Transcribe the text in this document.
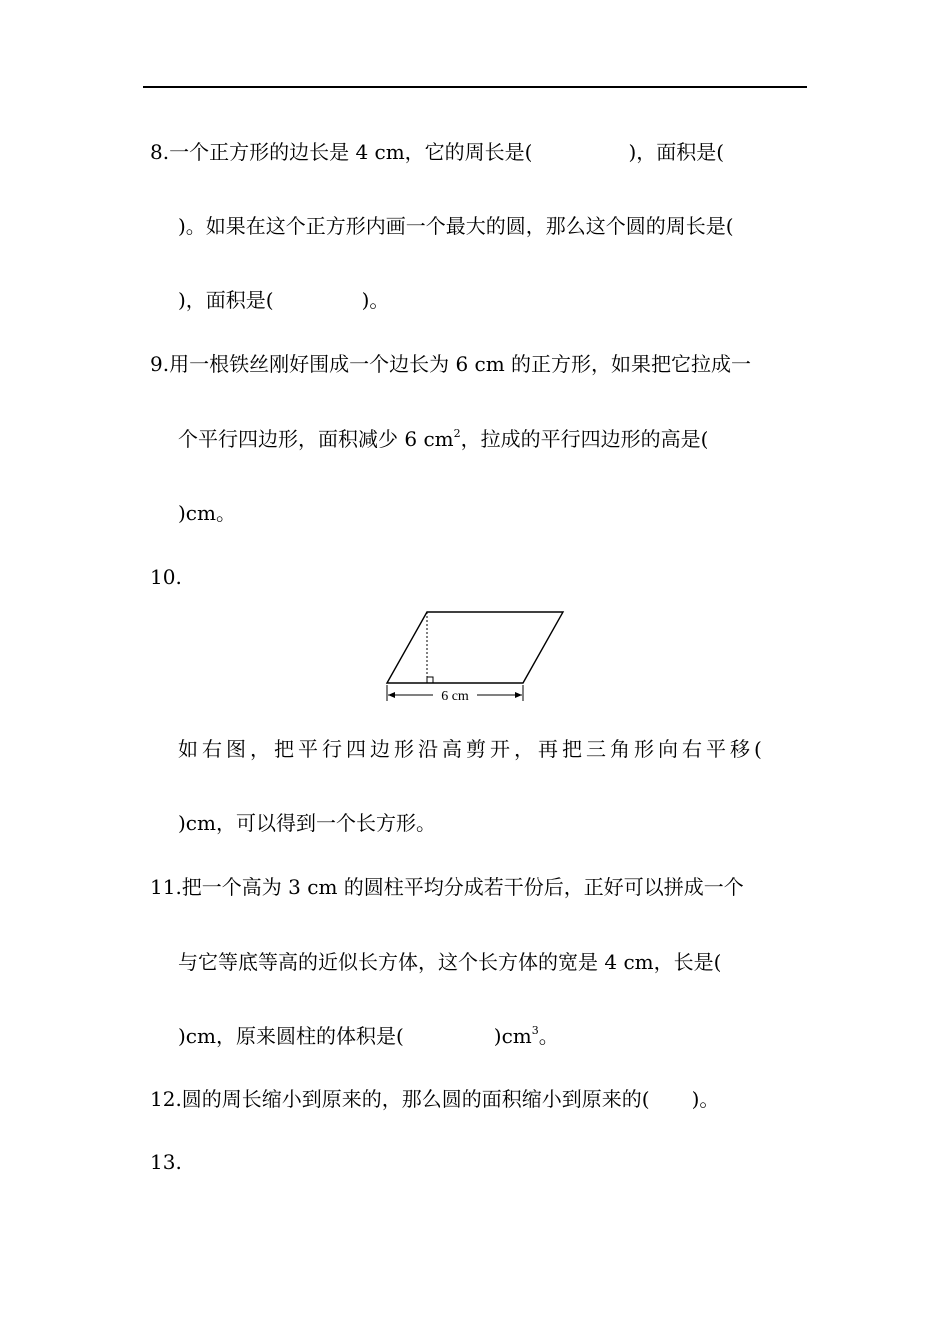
8.一个正方形的边长是 4 cm，它的周长是(	)，面积是(
)。如果在这个正方形内画一个最大的圆，那么这个圆的周长是(
)，面积是(	)。
9.用一根铁丝刚好围成一个边长为 6 cm 的正方形，如果把它拉成一
个平行四边形，面积减少 6 $cm^2$，拉成的平行四边形的高是(
)cm。
10.
6 cm
如右图，把平行四边形沿高剪开，再把三角形向右平移(
)cm，可以得到一个长方形。
11.把一个高为 3 cm 的圆柱平均分成若干份后，正好可以拼成一个
与它等底等高的近似长方体，这个长方体的宽是 4 cm，长是(
)cm，原来圆柱的体积是(	)$cm^3$。
12.圆的周长缩小到原来的，那么圆的面积缩小到原来的( )。
13.
